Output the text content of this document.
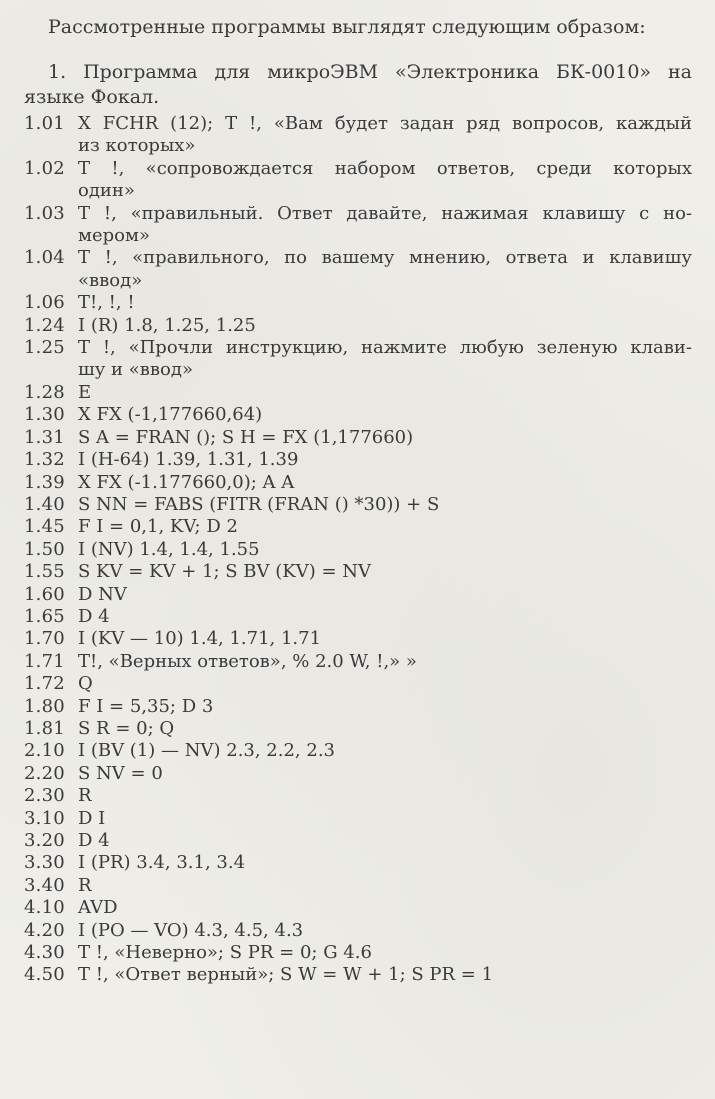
Рассмотренные программы выглядят следующим образом:
1. Программа для микроЭВМ «Электроника БК-0010» на
языке Фокал.
1.01 X FCHR (12); T !, «Вам будет задан ряд вопросов, каждый
из которых»
1.02 T !, «сопровождается набором ответов, среди которых
один»
1.03 T !, «правильный. Ответ давайте, нажимая клавишу с но-
мером»
1.04 T !, «правильного, по вашему мнению, ответа и клавишу
«ввод»
1.06 T!, !, !
1.24 I (R) 1.8, 1.25, 1.25
1.25 T !, «Прочли инструкцию, нажмите любую зеленую клави-
шу и «ввод»
1.28 E
1.30 X FX (-1,177660,64)
1.31 S A = FRAN (); S H = FX (1,177660)
1.32 I (H-64) 1.39, 1.31, 1.39
1.39 X FX (-1.177660,0); A A
1.40 S NN = FABS (FITR (FRAN () *30)) + S
1.45 F I = 0,1, KV; D 2
1.50 I (NV) 1.4, 1.4, 1.55
1.55 S KV = KV + 1; S BV (KV) = NV
1.60 D NV
1.65 D 4
1.70 I (KV — 10) 1.4, 1.71, 1.71
1.71 T!, «Верных ответов», % 2.0 W, !,» »
1.72 Q
1.80 F I = 5,35; D 3
1.81 S R = 0; Q
2.10 I (BV (1) — NV) 2.3, 2.2, 2.3
2.20 S NV = 0
2.30 R
3.10 D I
3.20 D 4
3.30 I (PR) 3.4, 3.1, 3.4
3.40 R
4.10 AVD
4.20 I (PO — VO) 4.3, 4.5, 4.3
4.30 T !, «Неверно»; S PR = 0; G 4.6
4.50 T !, «Ответ верный»; S W = W + 1; S PR = 1
